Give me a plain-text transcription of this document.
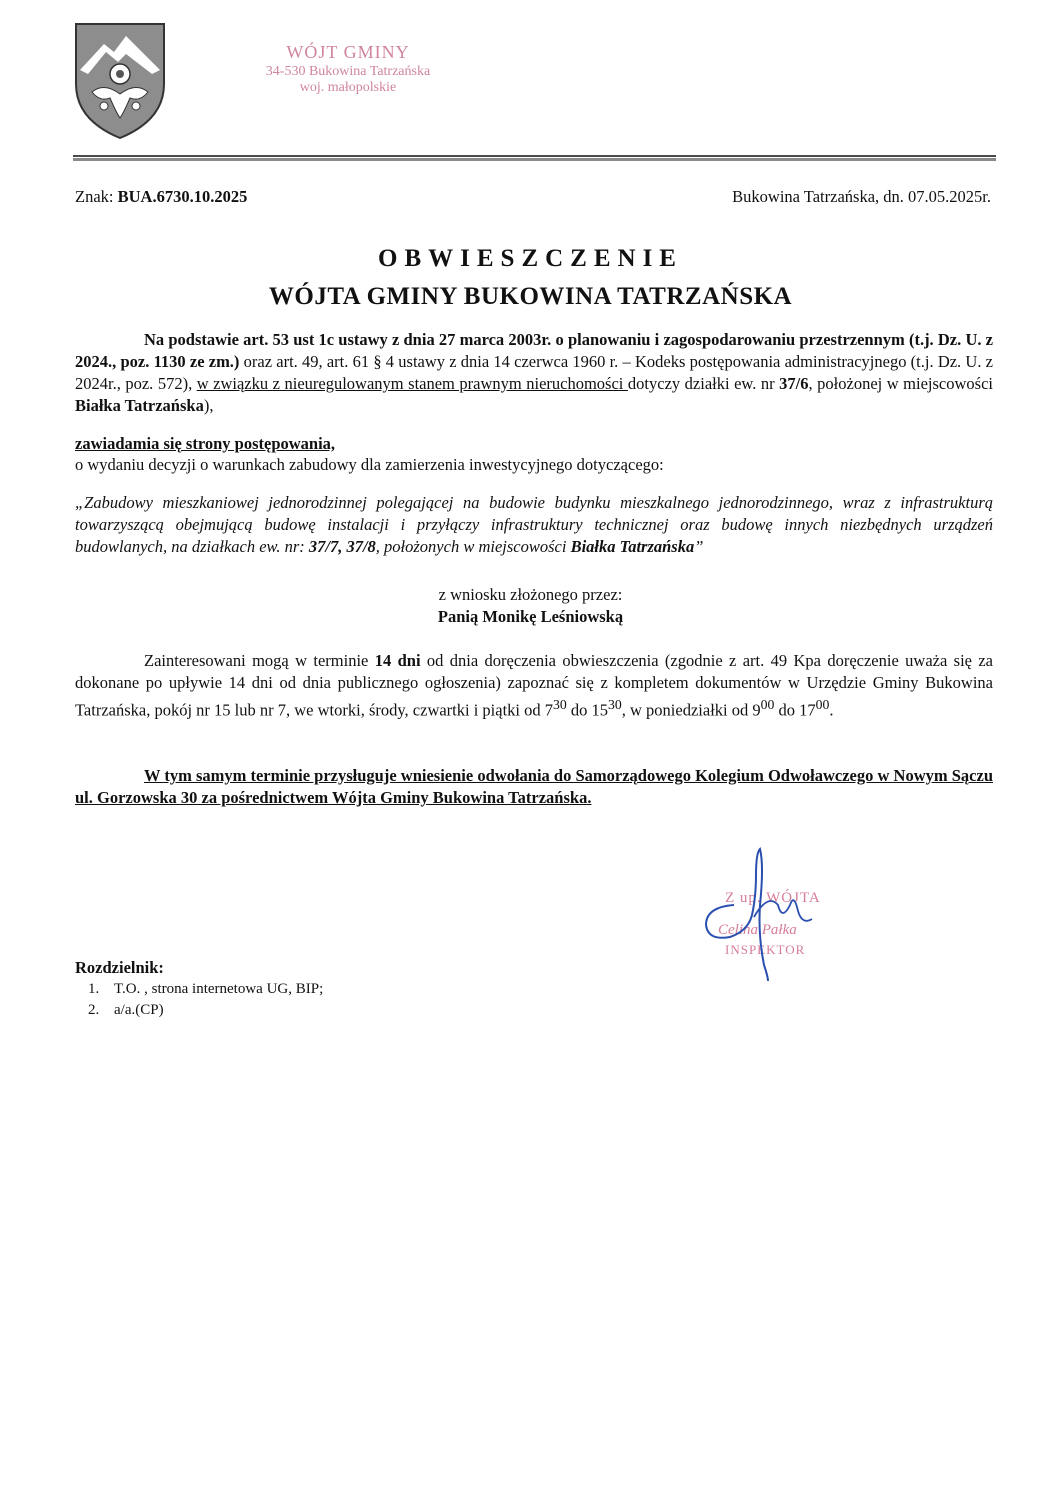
WÓJT GMINY
34-530 Bukowina Tatrzańska
woj. małopolskie
Znak: BUA.6730.10.2025	Bukowina Tatrzańska, dn. 07.05.2025r.
OBWIESZCZENIE
WÓJTA GMINY BUKOWINA TATRZAŃSKA
Na podstawie art. 53 ust 1c ustawy z dnia 27 marca 2003r. o planowaniu i zagospodarowaniu przestrzennym (t.j. Dz. U. z 2024., poz. 1130 ze zm.) oraz art. 49, art. 61 § 4 ustawy z dnia 14 czerwca 1960 r. – Kodeks postępowania administracyjnego (t.j. Dz. U. z 2024r., poz. 572), w związku z nieuregulowanym stanem prawnym nieruchomości dotyczy działki ew. nr 37/6, położonej w miejscowości Białka Tatrzańska),
zawiadamia się strony postępowania,
o wydaniu decyzji o warunkach zabudowy dla zamierzenia inwestycyjnego dotyczącego:
„Zabudowy mieszkaniowej jednorodzinnej polegającej na budowie budynku mieszkalnego jednorodzinnego, wraz z infrastrukturą towarzyszącą obejmującą budowę instalacji i przyłączy infrastruktury technicznej oraz budowę innych niezbędnych urządzeń budowlanych, na działkach ew. nr: 37/7, 37/8, położonych w miejscowości Białka Tatrzańska”
z wniosku złożonego przez:
Panią Monikę Leśniowską
Zainteresowani mogą w terminie 14 dni od dnia doręczenia obwieszczenia (zgodnie z art. 49 Kpa doręczenie uważa się za dokonane po upływie 14 dni od dnia publicznego ogłoszenia) zapoznać się z kompletem dokumentów w Urzędzie Gminy Bukowina Tatrzańska, pokój nr 15 lub nr 7, we wtorki, środy, czwartki i piątki od $7^{30}$ do $15^{30}$, w poniedziałki od $9^{00}$ do $17^{00}$.
W tym samym terminie przysługuje wniesienie odwołania do Samorządowego Kolegium Odwoławczego w Nowym Sączu ul. Gorzowska 30 za pośrednictwem Wójta Gminy Bukowina Tatrzańska.
Z up. WÓJTA
Celina Pałka
INSPEKTOR
Rozdzielnik:
1. T.O. , strona internetowa UG, BIP;
2. a/a.(CP)
